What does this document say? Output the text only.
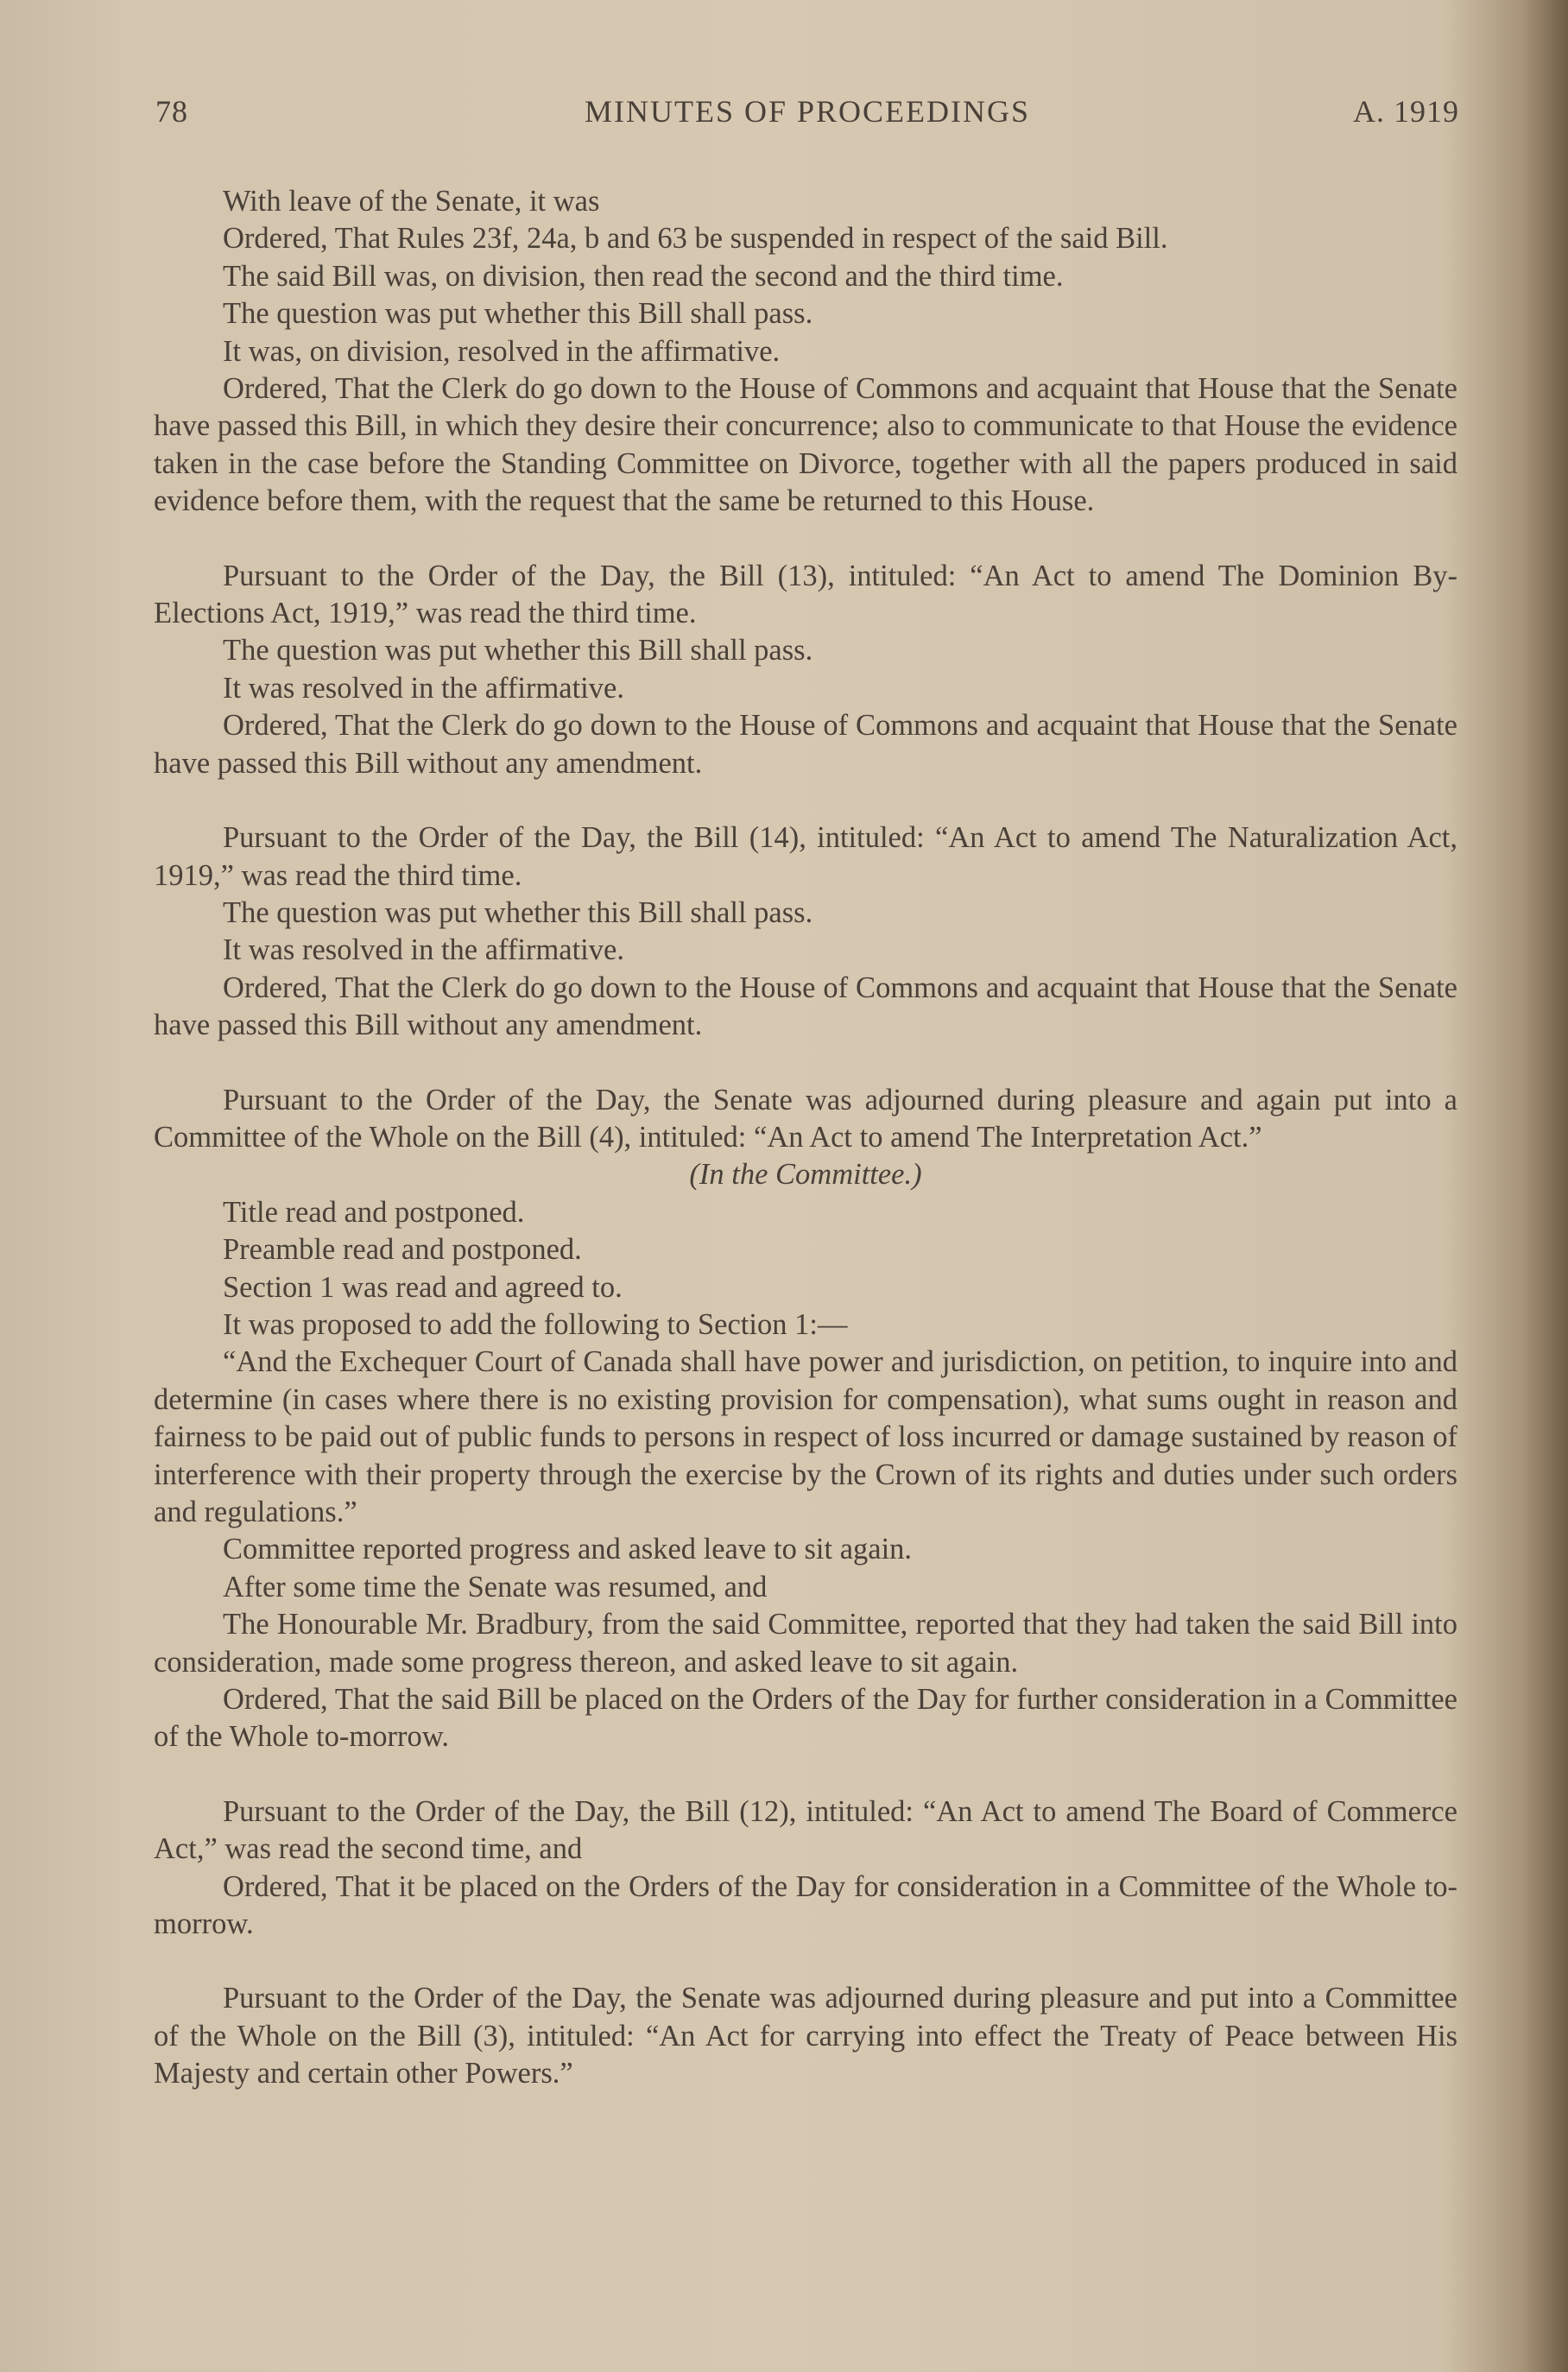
78	MINUTES OF PROCEEDINGS	A. 1919

With leave of the Senate, it was

Ordered, That Rules 23f, 24a, b and 63 be suspended in respect of the said Bill.

The said Bill was, on division, then read the second and the third time.

The question was put whether this Bill shall pass.

It was, on division, resolved in the affirmative.

Ordered, That the Clerk do go down to the House of Commons and acquaint that House that the Senate have passed this Bill, in which they desire their concurrence; also to communicate to that House the evidence taken in the case before the Standing Committee on Divorce, together with all the papers produced in said evidence before them, with the request that the same be returned to this House.

Pursuant to the Order of the Day, the Bill (13), intituled: “An Act to amend The Dominion By-Elections Act, 1919,” was read the third time.

The question was put whether this Bill shall pass.

It was resolved in the affirmative.

Ordered, That the Clerk do go down to the House of Commons and acquaint that House that the Senate have passed this Bill without any amendment.

Pursuant to the Order of the Day, the Bill (14), intituled: “An Act to amend The Naturalization Act, 1919,” was read the third time.

The question was put whether this Bill shall pass.

It was resolved in the affirmative.

Ordered, That the Clerk do go down to the House of Commons and acquaint that House that the Senate have passed this Bill without any amendment.

Pursuant to the Order of the Day, the Senate was adjourned during pleasure and again put into a Committee of the Whole on the Bill (4), intituled: “An Act to amend The Interpretation Act.”

(In the Committee.)

Title read and postponed.

Preamble read and postponed.

Section 1 was read and agreed to.

It was proposed to add the following to Section 1:—

“And the Exchequer Court of Canada shall have power and jurisdiction, on petition, to inquire into and determine (in cases where there is no existing provision for compensation), what sums ought in reason and fairness to be paid out of public funds to persons in respect of loss incurred or damage sustained by reason of interference with their property through the exercise by the Crown of its rights and duties under such orders and regulations.”

Committee reported progress and asked leave to sit again.

After some time the Senate was resumed, and

The Honourable Mr. Bradbury, from the said Committee, reported that they had taken the said Bill into consideration, made some progress thereon, and asked leave to sit again.

Ordered, That the said Bill be placed on the Orders of the Day for further consideration in a Committee of the Whole to-morrow.

Pursuant to the Order of the Day, the Bill (12), intituled: “An Act to amend The Board of Commerce Act,” was read the second time, and

Ordered, That it be placed on the Orders of the Day for consideration in a Committee of the Whole to-morrow.

Pursuant to the Order of the Day, the Senate was adjourned during pleasure and put into a Committee of the Whole on the Bill (3), intituled: “An Act for carrying into effect the Treaty of Peace between His Majesty and certain other Powers.”
